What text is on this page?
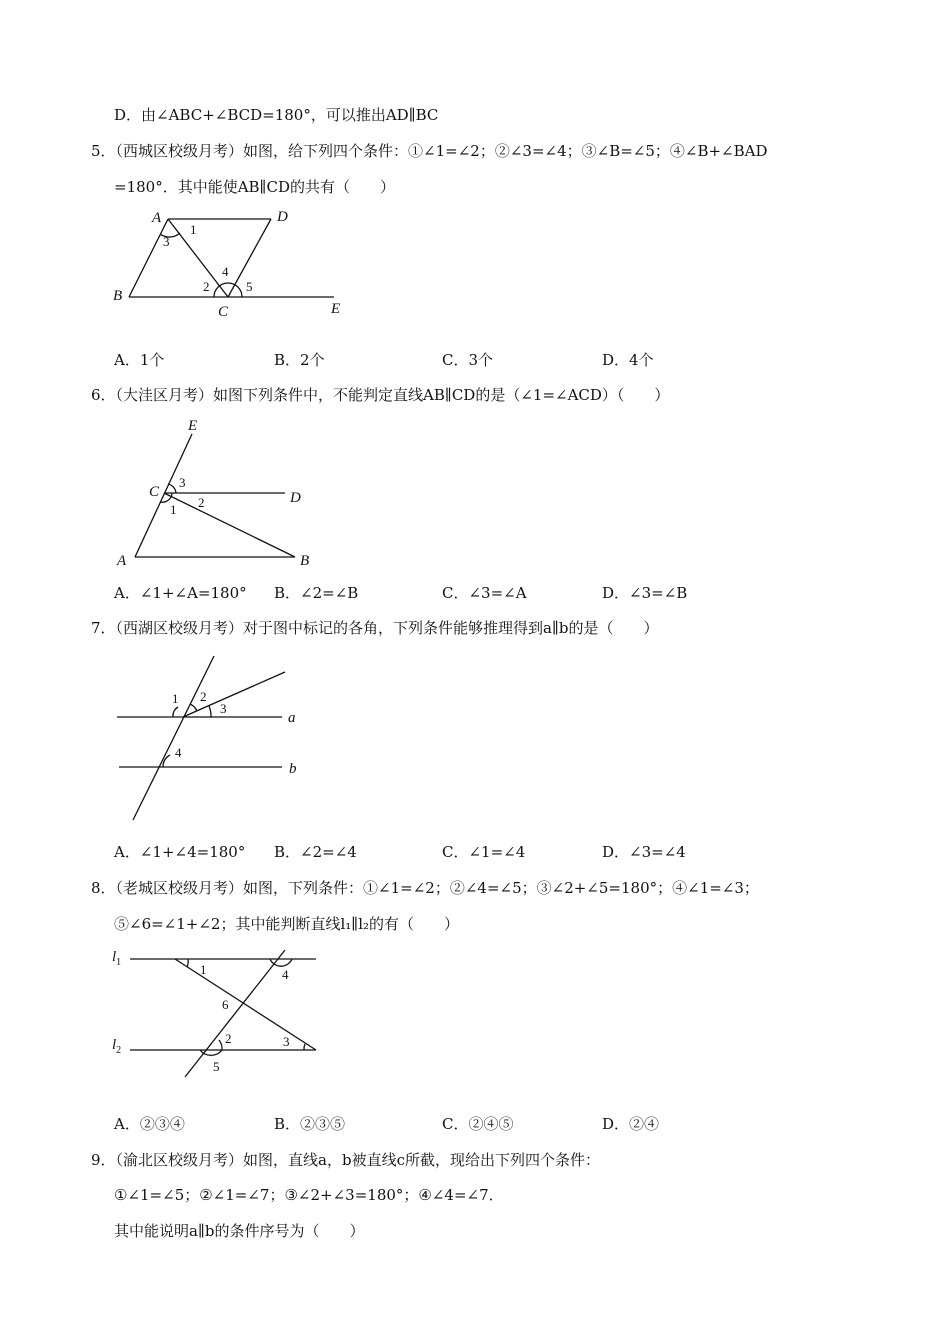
D．由∠ABC+∠BCD=180°，可以推出AD∥BC
5．（西城区校级月考）如图，给下列四个条件：①∠1=∠2；②∠3=∠4；③∠B=∠5；④∠B+∠BAD
=180°．其中能使AB∥CD的共有（　　）
A	D
B
C	E
1
3
4
2	5
A．1个	B．2个	C．3个	D．4个
6．（大洼区月考）如图下列条件中，不能判定直线AB∥CD的是（∠1=∠ACD）（　　）
E
C	D
A	B
3
2
1
A．∠1+∠A=180° B．∠2=∠B	C．∠3=∠A	D．∠3=∠B
7．（西湖区校级月考）对于图中标记的各角，下列条件能够推理得到a∥b的是（　　）
a
b
1 2
3
4
A．∠1+∠4=180° B．∠2=∠4	C．∠1=∠4	D．∠3=∠4
8．（老城区校级月考）如图，下列条件：①∠1=∠2；②∠4=∠5；③∠2+∠5=180°；④∠1=∠3；
⑤∠6=∠1+∠2；其中能判断直线l₁∥l₂的有（　　）
$l_1$
$l_2$
1	4
6
2	3
5
A．②③④	B．②③⑤	C．②④⑤	D．②④
9．（渝北区校级月考）如图，直线a，b被直线c所截，现给出下列四个条件：
①∠1=∠5；②∠1=∠7；③∠2+∠3=180°；④∠4=∠7．
其中能说明a∥b的条件序号为（　　）
